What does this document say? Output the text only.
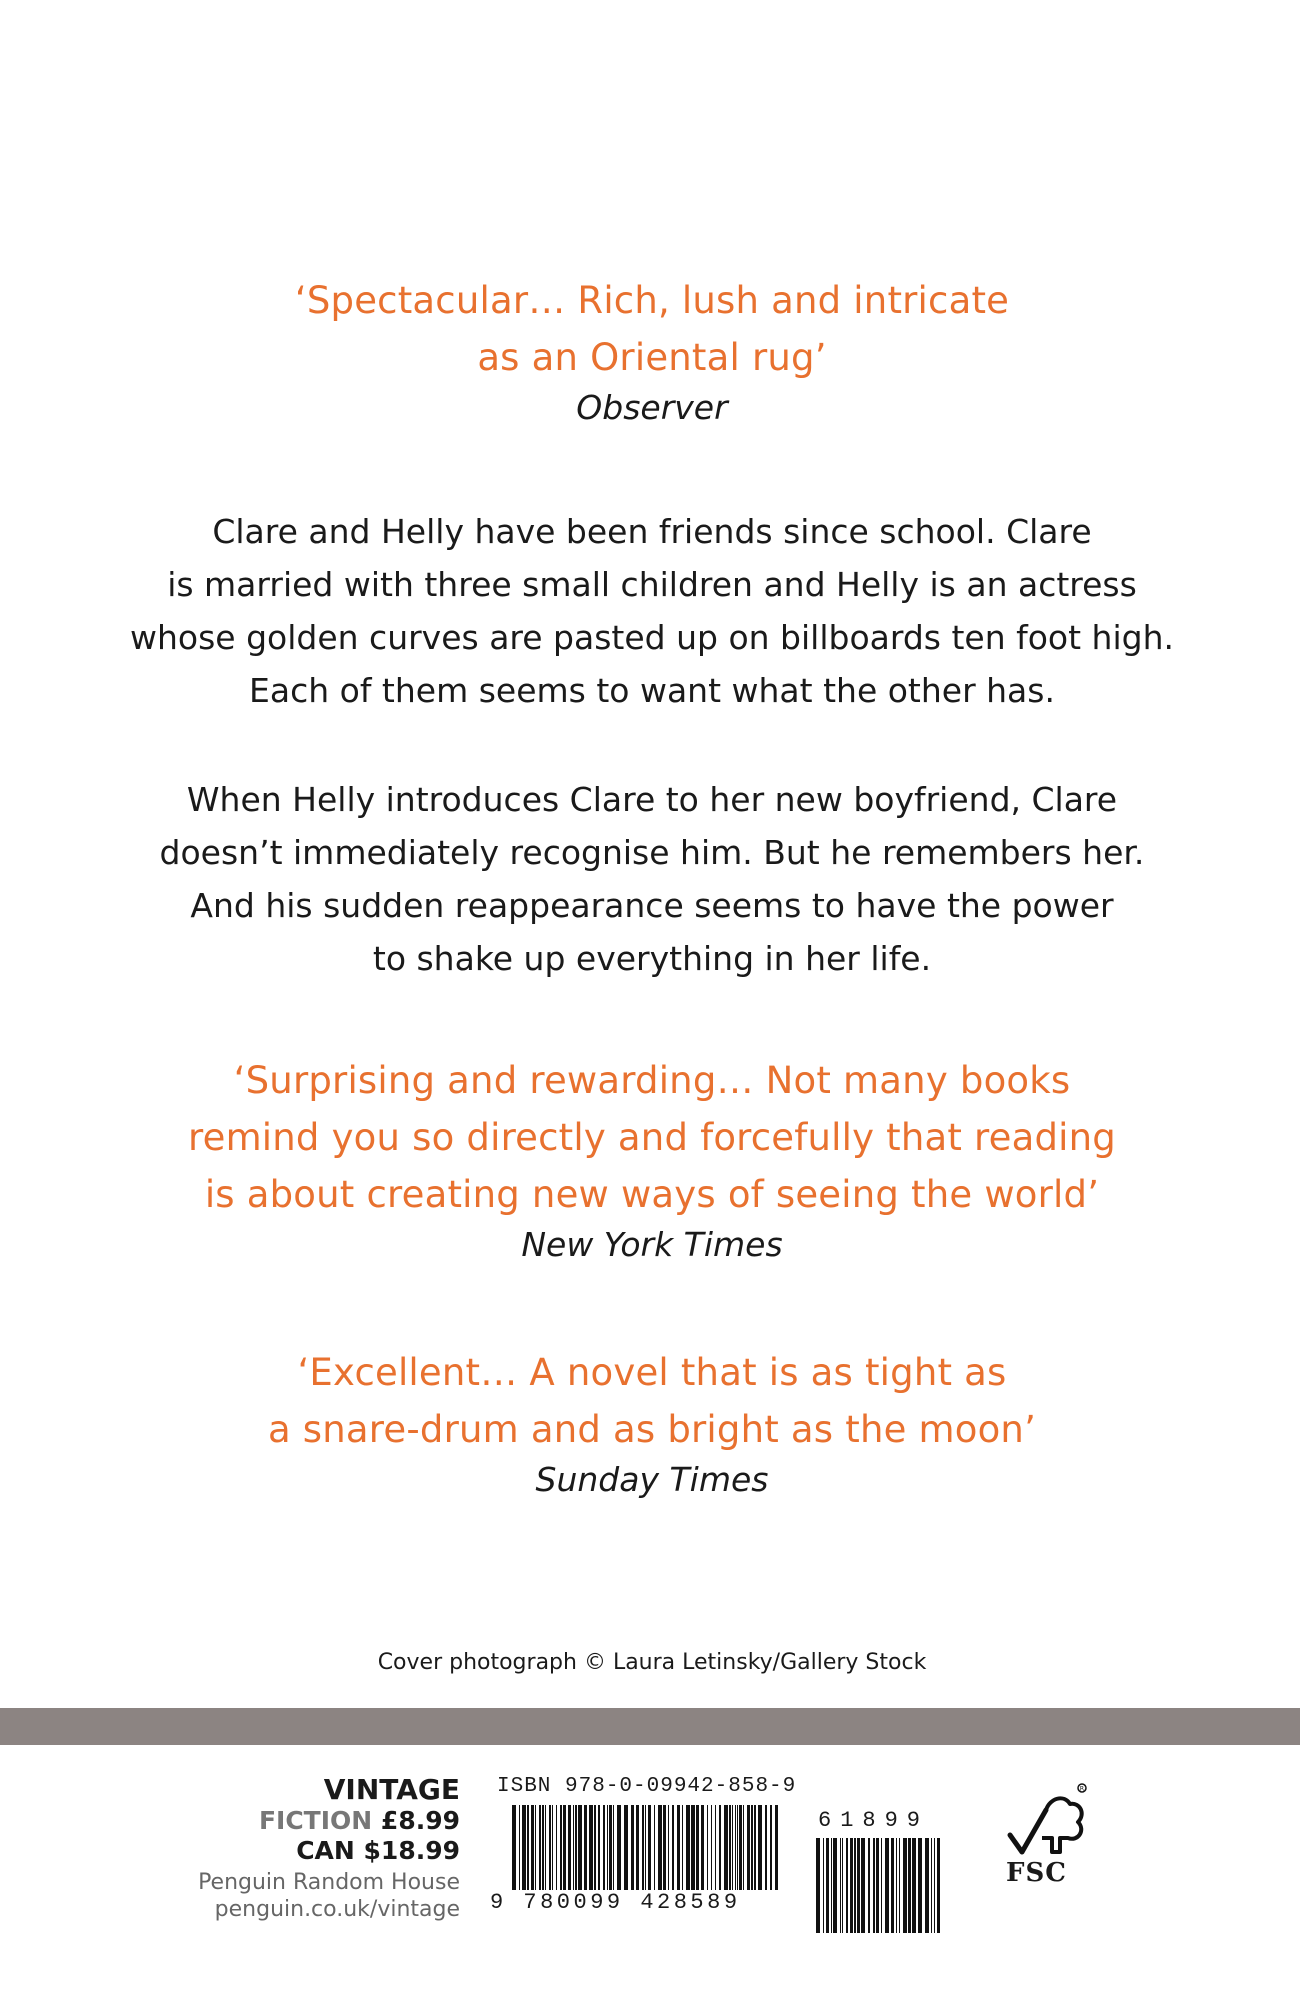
‘Spectacular… Rich, lush and intricate
as an Oriental rug’
Observer
Clare and Helly have been friends since school. Clare
is married with three small children and Helly is an actress
whose golden curves are pasted up on billboards ten foot high.
Each of them seems to want what the other has.
When Helly introduces Clare to her new boyfriend, Clare
doesn’t immediately recognise him. But he remembers her.
And his sudden reappearance seems to have the power
to shake up everything in her life.
‘Surprising and rewarding… Not many books
remind you so directly and forcefully that reading
is about creating new ways of seeing the world’
New York Times
‘Excellent… A novel that is as tight as
a snare-drum and as bright as the moon’
Sunday Times
Cover photograph © Laura Letinsky/Gallery Stock
VINTAGE
FICTION £8.99
CAN $18.99
Penguin Random House
penguin.co.uk/vintage
ISBN 978-0-09942-858-9
9 780099 428589
61899
R
FSC
